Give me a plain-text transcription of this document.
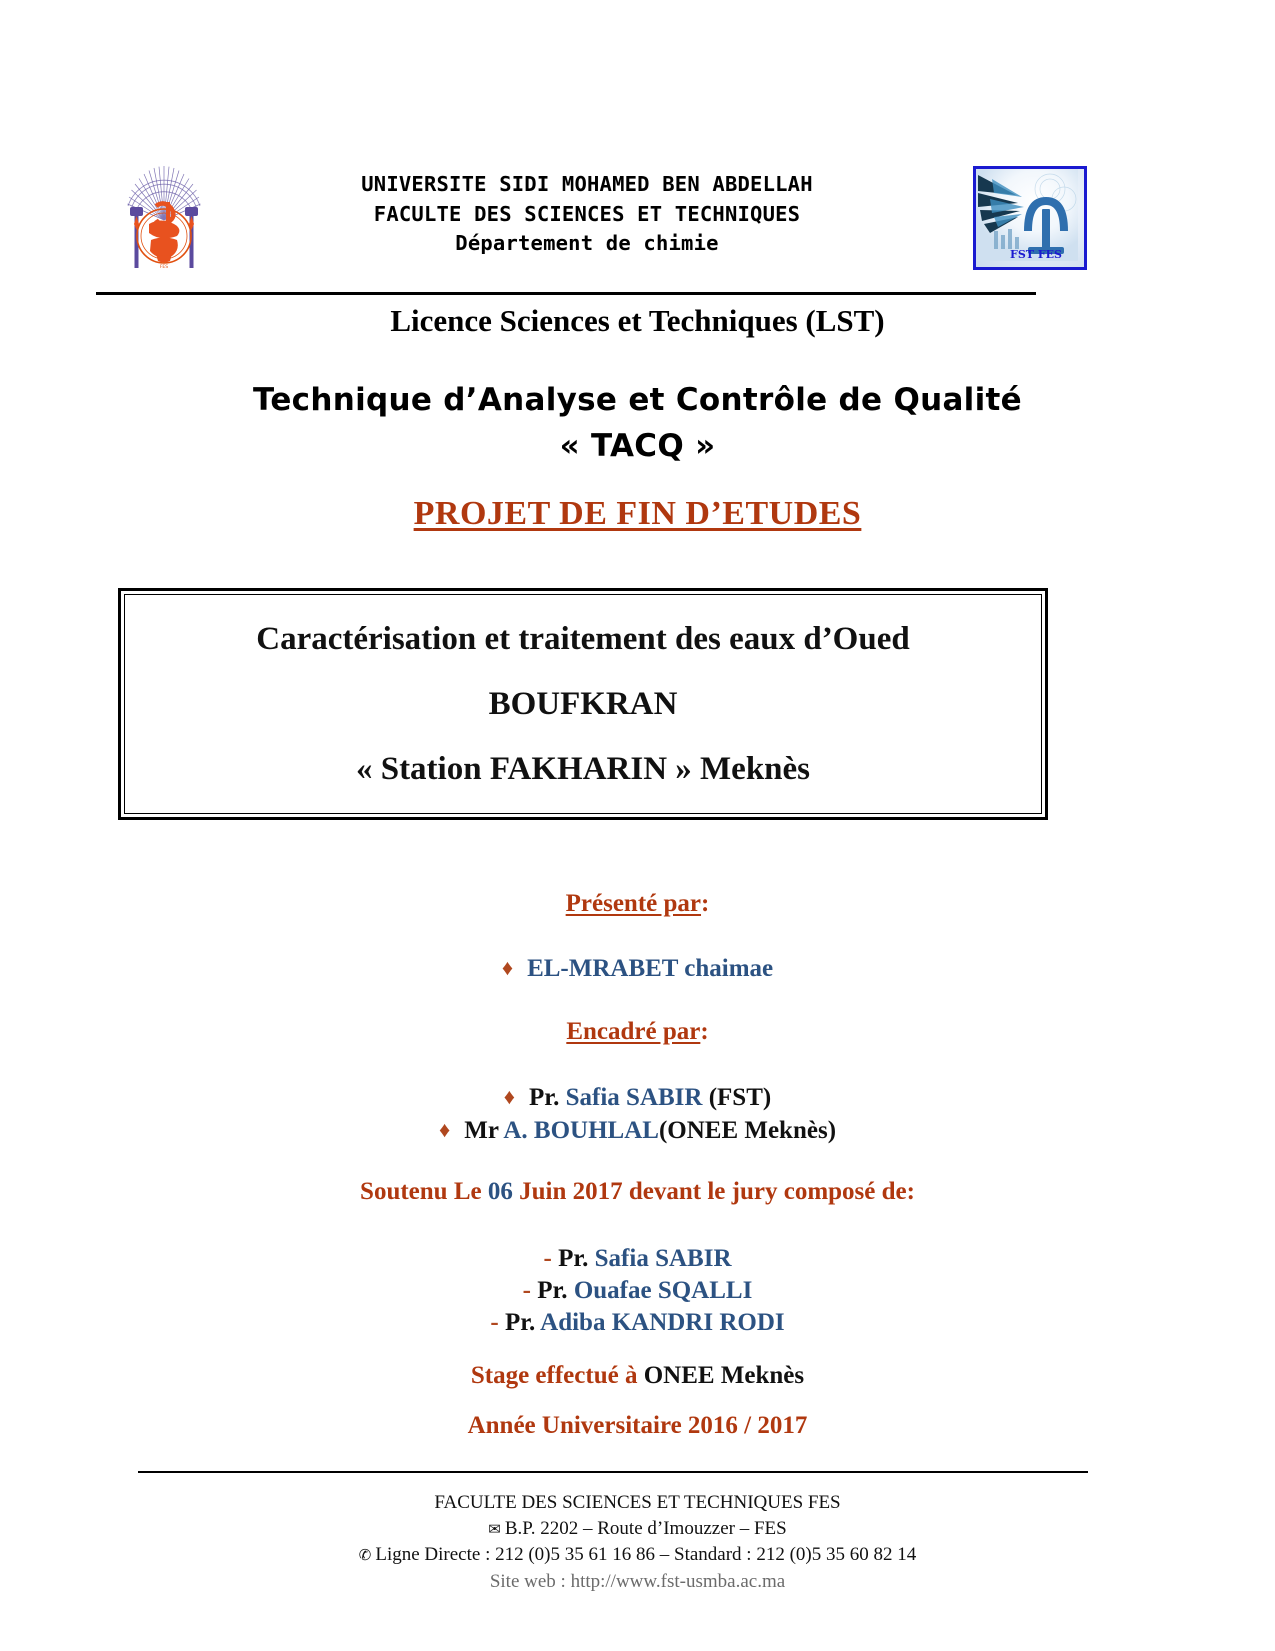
FES
UNIVERSITE SIDI MOHAMED BEN ABDELLAH
FACULTE DES SCIENCES ET TECHNIQUES
Département de chimie	FST FES
Licence Sciences et Techniques (LST)
Technique d’Analyse et Contrôle de Qualité
« TACQ »
PROJET DE FIN D’ETUDES
Caractérisation et traitement des eaux d’Oued
BOUFKRAN
« Station FAKHARIN » Meknès
Présenté par:
♦ EL-MRABET chaimae
Encadré par:
♦ Pr. Safia SABIR (FST)
♦ Mr A. BOUHLAL(ONEE Meknès)
Soutenu Le 06 Juin 2017 devant le jury composé de:
- Pr. Safia SABIR
- Pr. Ouafae SQALLI
- Pr. Adiba KANDRI RODI
Stage effectué à ONEE Meknès
Année Universitaire 2016 / 2017
FACULTE DES SCIENCES ET TECHNIQUES FES
✉ B.P. 2202 – Route d’Imouzzer – FES
✆ Ligne Directe : 212 (0)5 35 61 16 86 – Standard : 212 (0)5 35 60 82 14
Site web : http://www.fst-usmba.ac.ma
